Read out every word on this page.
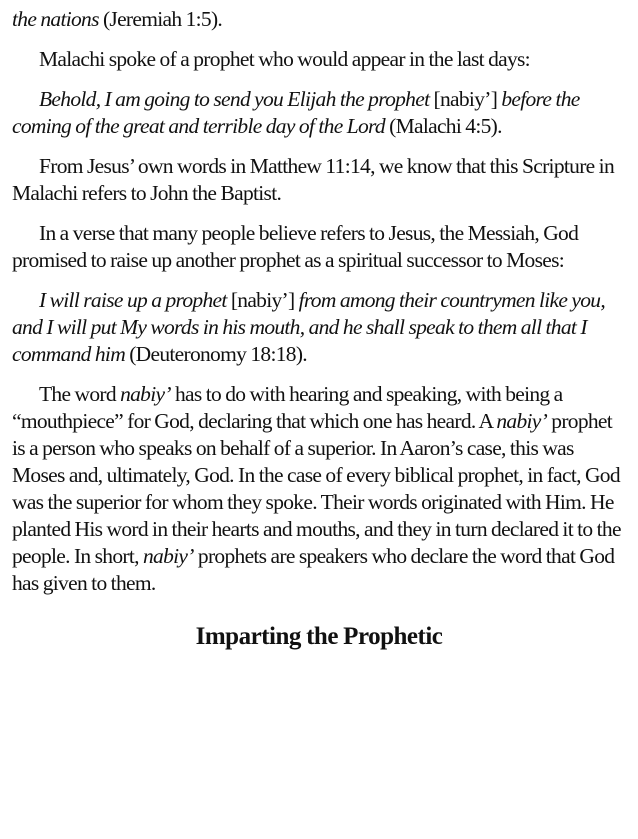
the nations (Jeremiah 1:5).

Malachi spoke of a prophet who would appear in the last days:

Behold, I am going to send you Elijah the prophet [nabiy’] before the coming of the great and terrible day of the Lord (Malachi 4:5).

From Jesus’ own words in Matthew 11:14, we know that this Scripture in Malachi refers to John the Baptist.

In a verse that many people believe refers to Jesus, the Messiah, God promised to raise up another prophet as a spiritual successor to Moses:

I will raise up a prophet [nabiy’] from among their countrymen like you, and I will put My words in his mouth, and he shall speak to them all that I command him (Deuteronomy 18:18).

The word nabiy’ has to do with hearing and speaking, with being a “mouthpiece” for God, declaring that which one has heard. A nabiy’ prophet is a person who speaks on behalf of a superior. In Aaron’s case, this was Moses and, ultimately, God. In the case of every biblical prophet, in fact, God was the superior for whom they spoke. Their words originated with Him. He planted His word in their hearts and mouths, and they in turn declared it to the people. In short, nabiy’ prophets are speakers who declare the word that God has given to them.

Imparting the Prophetic
